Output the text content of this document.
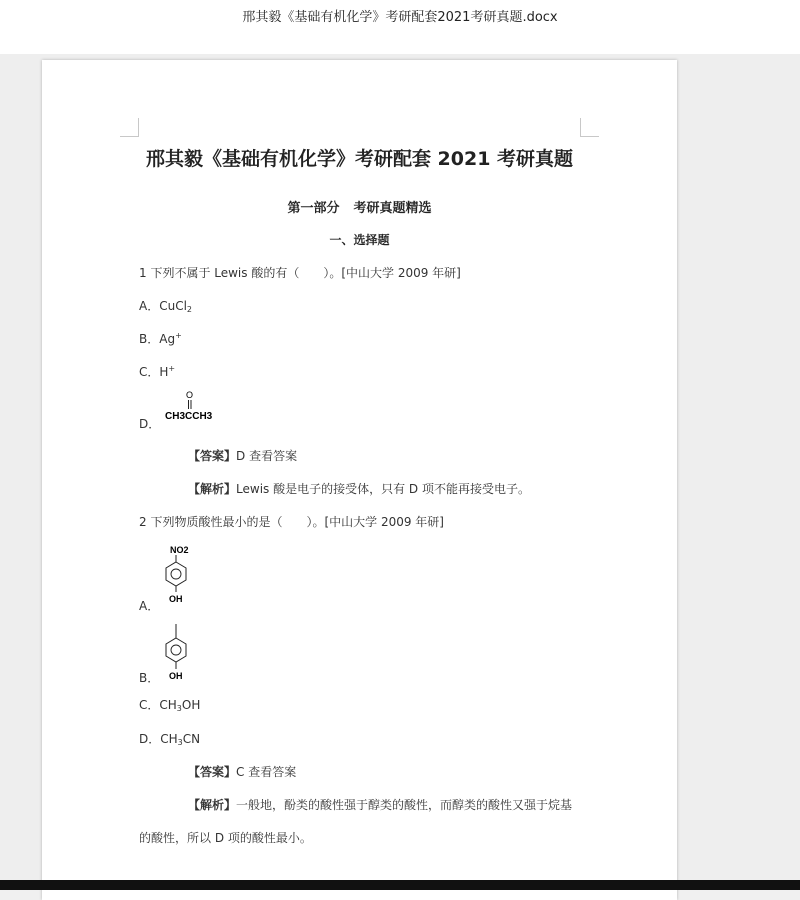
邢其毅《基础有机化学》考研配套2021考研真题.docx
邢其毅《基础有机化学》考研配套 2021 考研真题
第一部分 考研真题精选
一、选择题
1 下列不属于 Lewis 酸的有（　　）。[中山大学 2009 年研]
A．CuCl$_2$
B．Ag+
C．H+
D．
O
CH3CCH3
【答案】D 查看答案
【解析】Lewis 酸是电子的接受体，只有 D 项不能再接受电子。
2 下列物质酸性最小的是（　　）。[中山大学 2009 年研]
A．
NO2
OH
B． OH
C．$CH_3OH$
D．$CH_3CN$
【答案】C 查看答案
【解析】一般地，酚类的酸性强于醇类的酸性，而醇类的酸性又强于烷基
的酸性，所以 D 项的酸性最小。
